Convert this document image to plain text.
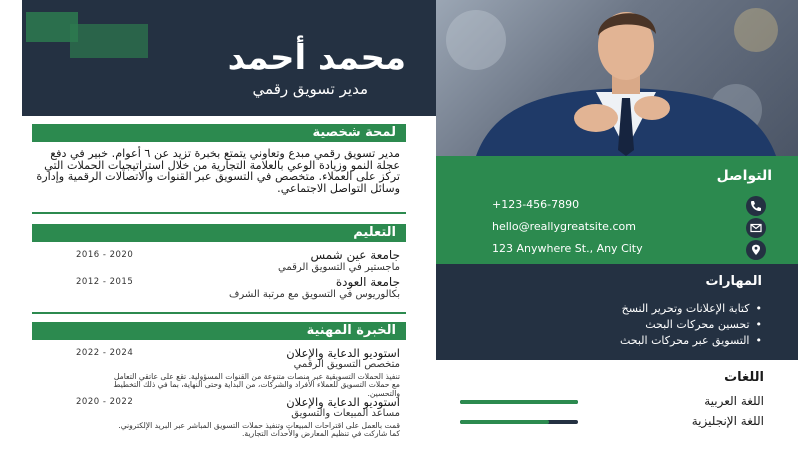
محمد أحمد
مدير تسويق رقمي
لمحة شخصية
مدير تسويق رقمي مبدع وتعاوني يتمتع بخبرة تزيد عن ٦ أعوام. خبير في دفع عجلة النمو وزيادة الوعي بالعلامة التجارية من خلال استراتيجيات الحملات التي تركز على العملاء. متخصص في التسويق عبر القنوات والاتصالات الرقمية وإدارة وسائل التواصل الاجتماعي.
التعليم
جامعة عين شمس
ماجستير في التسويق الرقمي
2016 - 2020
جامعة العودة
بكالوريوس في التسويق مع مرتبة الشرف
2012 - 2015
الخبرة المهنية
استوديو الدعاية والإعلان
متخصص التسويق الرقمي
2022 - 2024
تنفيذ الحملات التسويقية عبر منصات متنوعة من القنوات المسؤولية. تقع على عاتقي التعامل مع حملات التسويق للعملاء الأفراد والشركات، من البداية وحتى النهاية، بما في ذلك التخطيط والتحسين.
استوديو الدعاية والإعلان
مساعد المبيعات والتسويق
2020 - 2022
قمت بالعمل على اقتراحات المبيعات وتنفيذ حملات التسويق المباشر عبر البريد الإلكتروني. كما شاركت في تنظيم المعارض والأحداث التجارية.
التواصل
+123-456-7890
hello@reallygreatsite.com
123 Anywhere St., Any City
المهارات
• كتابة الإعلانات وتحرير النسخ
• تحسين محركات البحث
• التسويق عبر محركات البحث
اللغات
اللغة العربية
اللغة الإنجليزية
